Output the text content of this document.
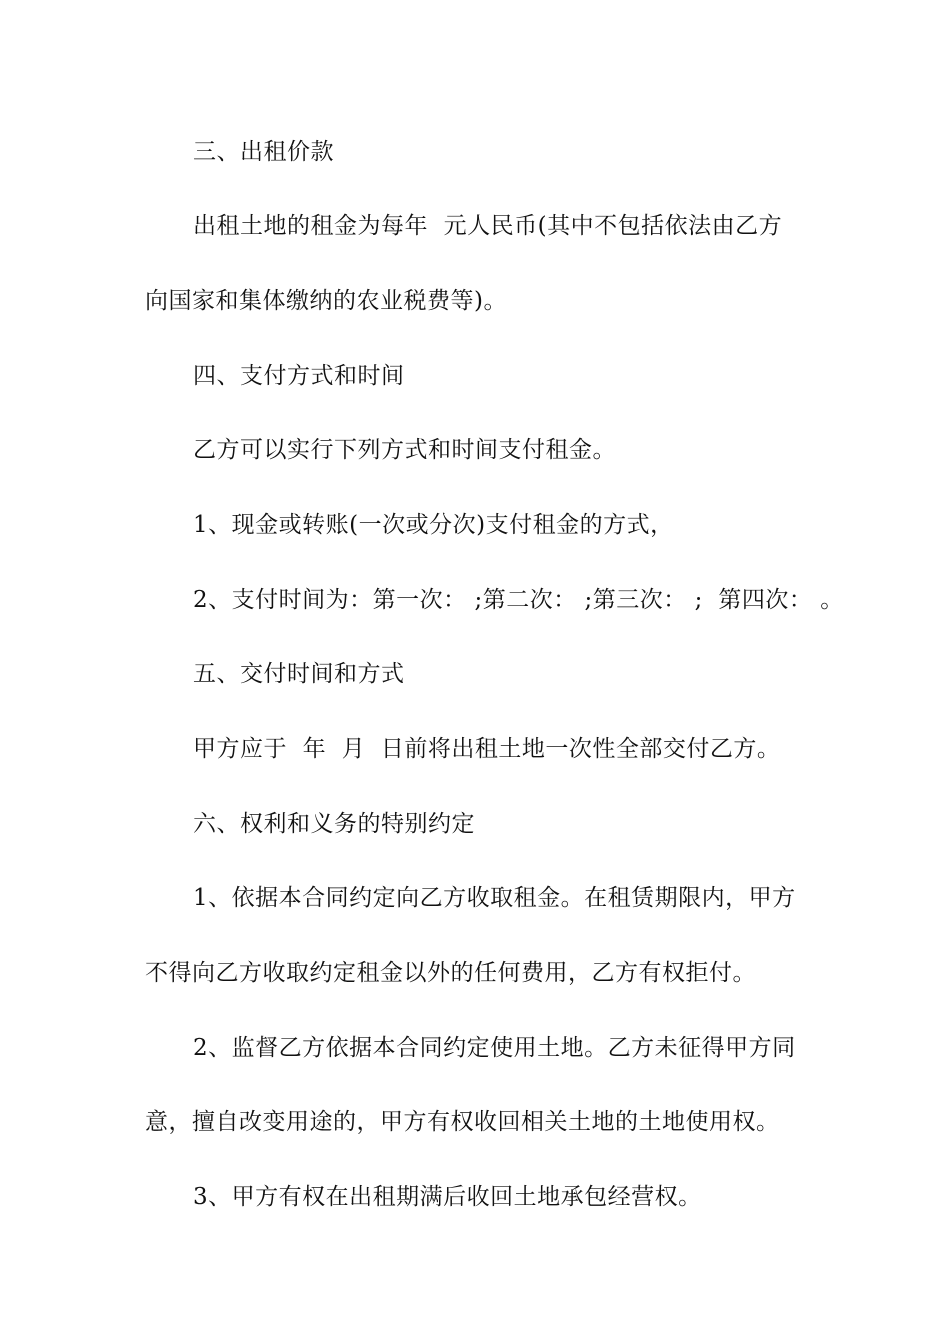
三、出租价款
出租土地的租金为每年  元人民币(其中不包括依法由乙方
向国家和集体缴纳的农业税费等)。
四、支付方式和时间
乙方可以实行下列方式和时间支付租金。
1、现金或转账(一次或分次)支付租金的方式，
2、支付时间为：第一次： ;第二次： ;第三次： ;  第四次： 。
五、交付时间和方式
甲方应于  年  月  日前将出租土地一次性全部交付乙方。
六、权利和义务的特别约定
1、依据本合同约定向乙方收取租金。在租赁期限内，甲方
不得向乙方收取约定租金以外的任何费用，乙方有权拒付。
2、监督乙方依据本合同约定使用土地。乙方未征得甲方同
意，擅自改变用途的，甲方有权收回相关土地的土地使用权。
3、甲方有权在出租期满后收回土地承包经营权。
